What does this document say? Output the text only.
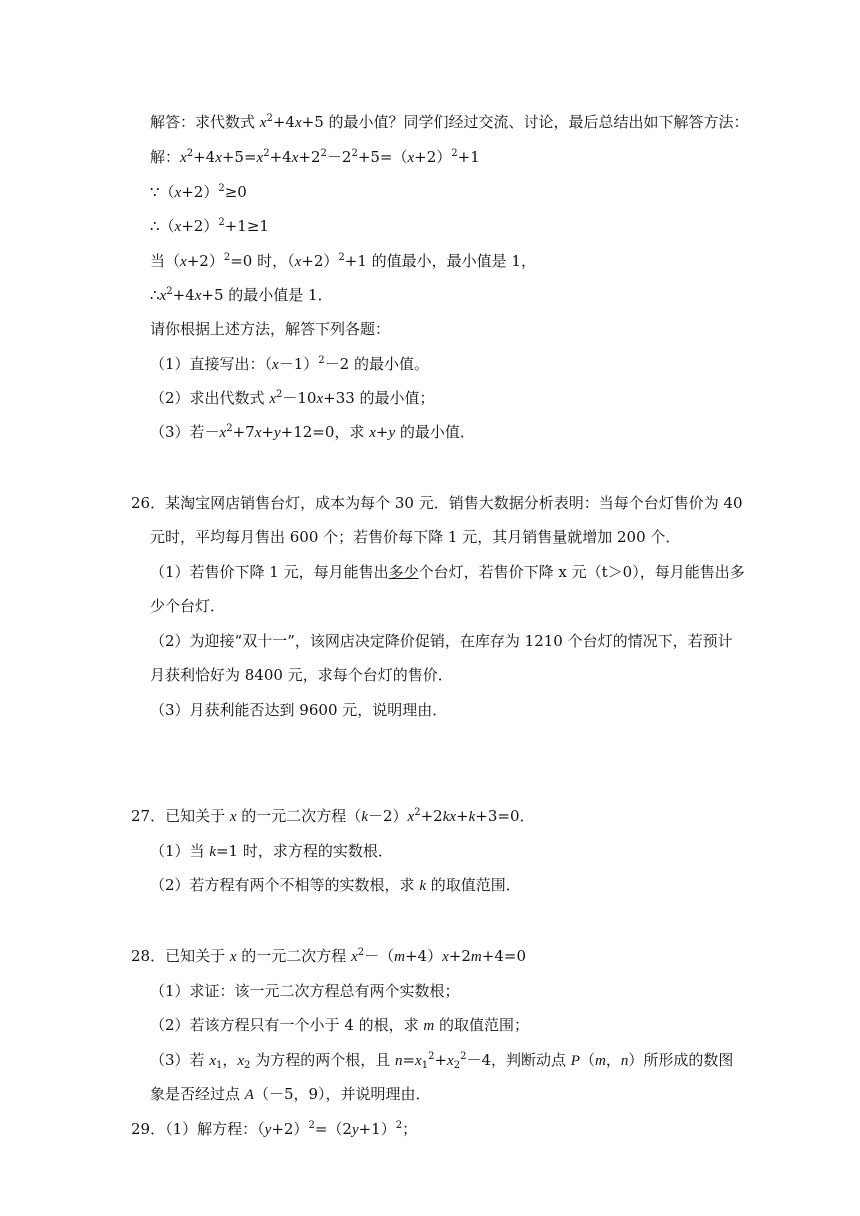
解答：求代数式 $x^2+4x+5$ 的最小值？同学们经过交流、讨论，最后总结出如下解答方法：
解：$x^2+4x+5=x^2+4x+2^2-2^2+5=(x+2)^2+1$
$\because(x+2)^2\ge 0$
$\therefore(x+2)^2+1\ge 1$
当$(x+2)^2=0$ 时，$(x+2)^2+1$ 的值最小，最小值是 1，
$\therefore x^2+4x+5$ 的最小值是 1．
请你根据上述方法，解答下列各题：
（1）直接写出：$(x-1)^2-2$ 的最小值。
（2）求出代数式 $x^2-10x+33$ 的最小值；
（3）若$-x^2+7x+y+12=0$，求 x+y 的最小值．
26．某淘宝网店销售台灯，成本为每个 30 元．销售大数据分析表明：当每个台灯售价为 40
元时，平均每月售出 600 个；若售价每下降 1 元，其月销售量就增加 200 个．
（1）若售价下降 1 元，每月能售出多少个台灯，若售价下降 x 元（t＞0），每月能售出多
少个台灯．
（2）为迎接“双十一”，该网店决定降价促销，在库存为 1210 个台灯的情况下，若预计
月获利恰好为 8400 元，求每个台灯的售价．
（3）月获利能否达到 9600 元，说明理由．
27．已知关于 x 的一元二次方程$(k-2)x^2+2kx+k+3=0$．
（1）当 k=1 时，求方程的实数根．
（2）若方程有两个不相等的实数根，求 k 的取值范围．
28．已知关于 x 的一元二次方程 $x^2-(m+4)x+2m+4=0$
（1）求证：该一元二次方程总有两个实数根；
（2）若该方程只有一个小于 4 的根，求 m 的取值范围；
（3）若 $x_1$，$x_2$ 为方程的两个根，且 $n=x_1^2+x_2^2-4$，判断动点 P（m，n）所形成的数图
象是否经过点 A（－5，9），并说明理由．
29．（1）解方程：$(y+2)^2=(2y+1)^2$；
